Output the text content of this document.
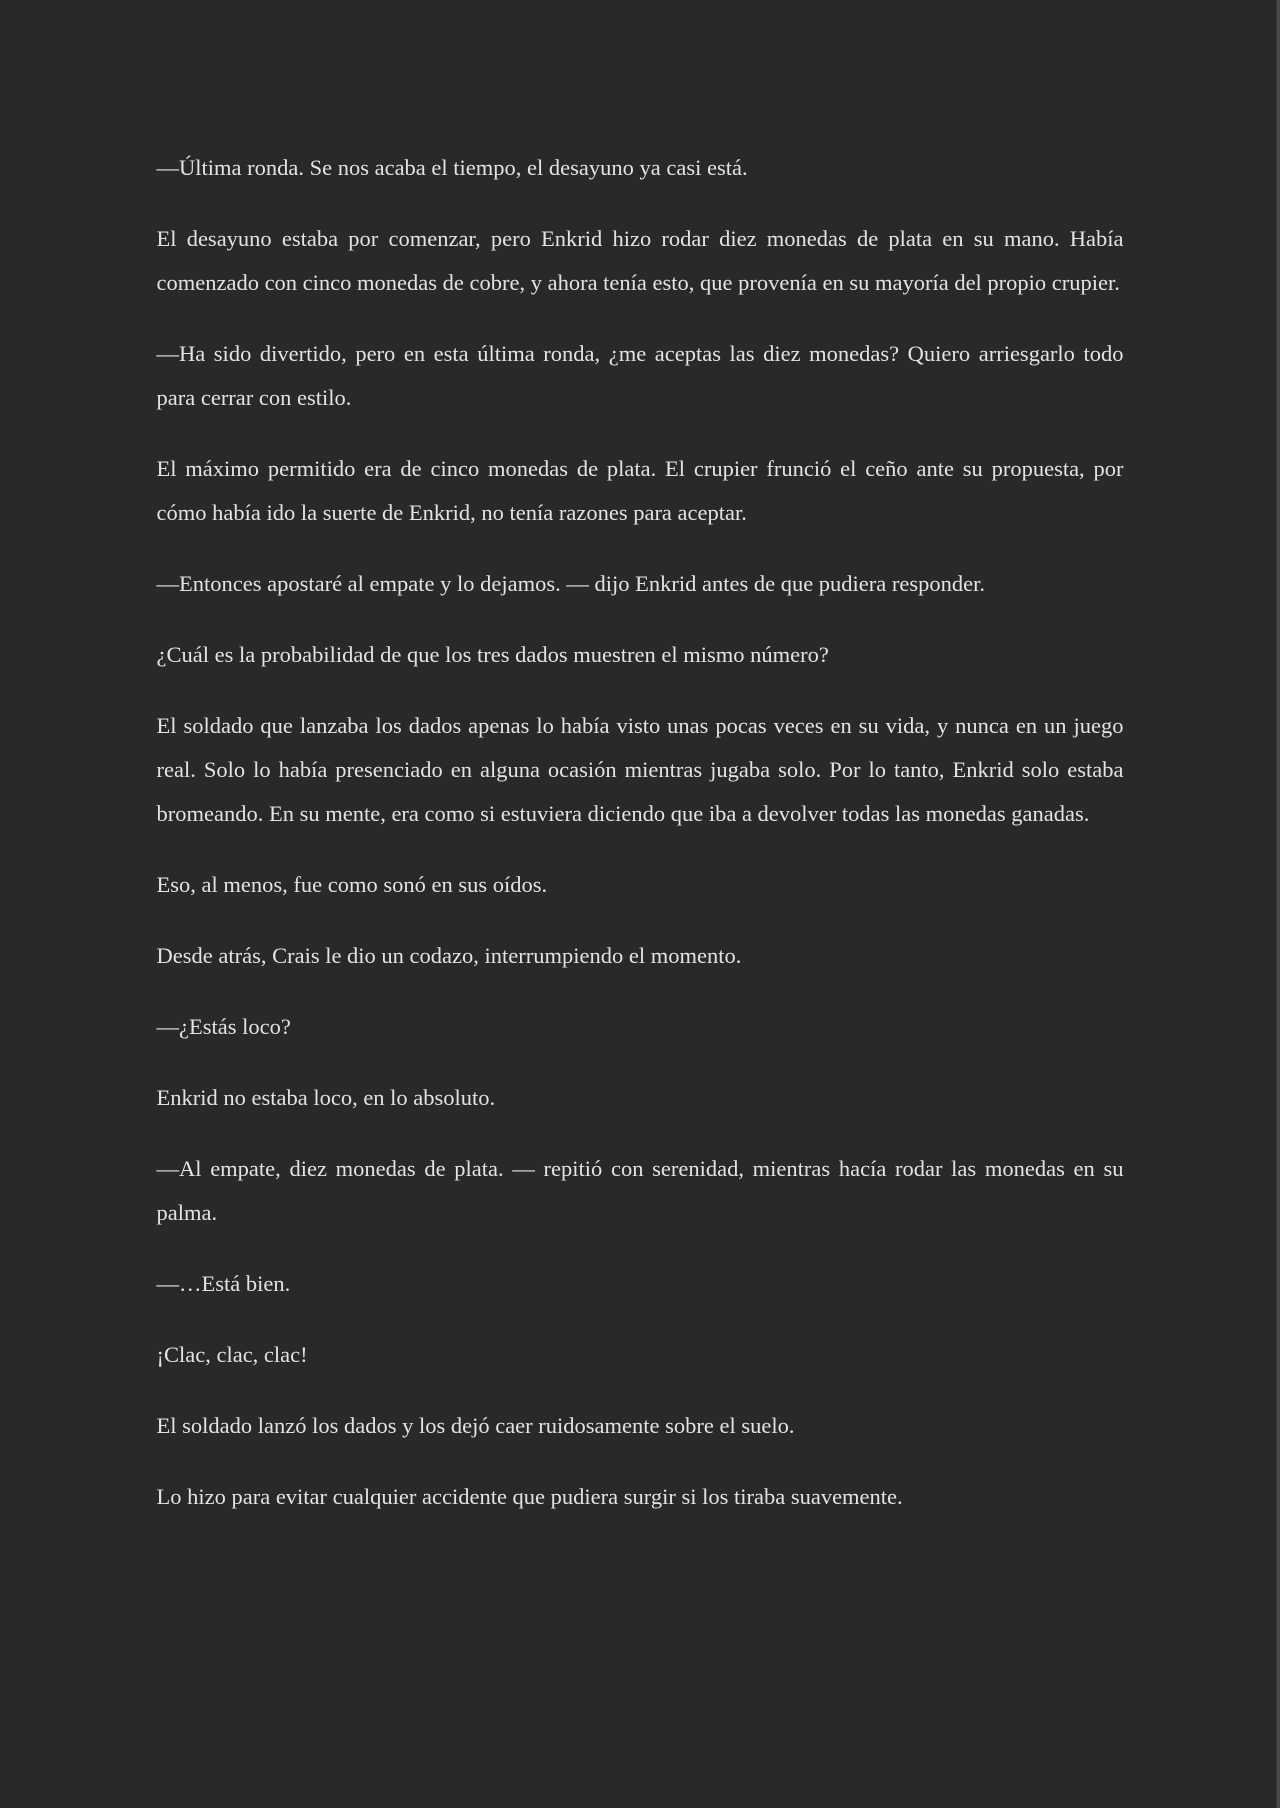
—Última ronda. Se nos acaba el tiempo, el desayuno ya casi está.

El desayuno estaba por comenzar, pero Enkrid hizo rodar diez monedas de plata en su mano. Había comenzado con cinco monedas de cobre, y ahora tenía esto, que provenía en su mayoría del propio crupier.

—Ha sido divertido, pero en esta última ronda, ¿me aceptas las diez monedas? Quiero arriesgarlo todo para cerrar con estilo.

El máximo permitido era de cinco monedas de plata. El crupier frunció el ceño ante su propuesta, por cómo había ido la suerte de Enkrid, no tenía razones para aceptar.

—Entonces apostaré al empate y lo dejamos. — dijo Enkrid antes de que pudiera responder.

¿Cuál es la probabilidad de que los tres dados muestren el mismo número?

El soldado que lanzaba los dados apenas lo había visto unas pocas veces en su vida, y nunca en un juego real. Solo lo había presenciado en alguna ocasión mientras jugaba solo. Por lo tanto, Enkrid solo estaba bromeando. En su mente, era como si estuviera diciendo que iba a devolver todas las monedas ganadas.

Eso, al menos, fue como sonó en sus oídos.

Desde atrás, Crais le dio un codazo, interrumpiendo el momento.

—¿Estás loco?

Enkrid no estaba loco, en lo absoluto.

—Al empate, diez monedas de plata. — repitió con serenidad, mientras hacía rodar las monedas en su palma.

—…Está bien.

¡Clac, clac, clac!

El soldado lanzó los dados y los dejó caer ruidosamente sobre el suelo.

Lo hizo para evitar cualquier accidente que pudiera surgir si los tiraba suavemente.
